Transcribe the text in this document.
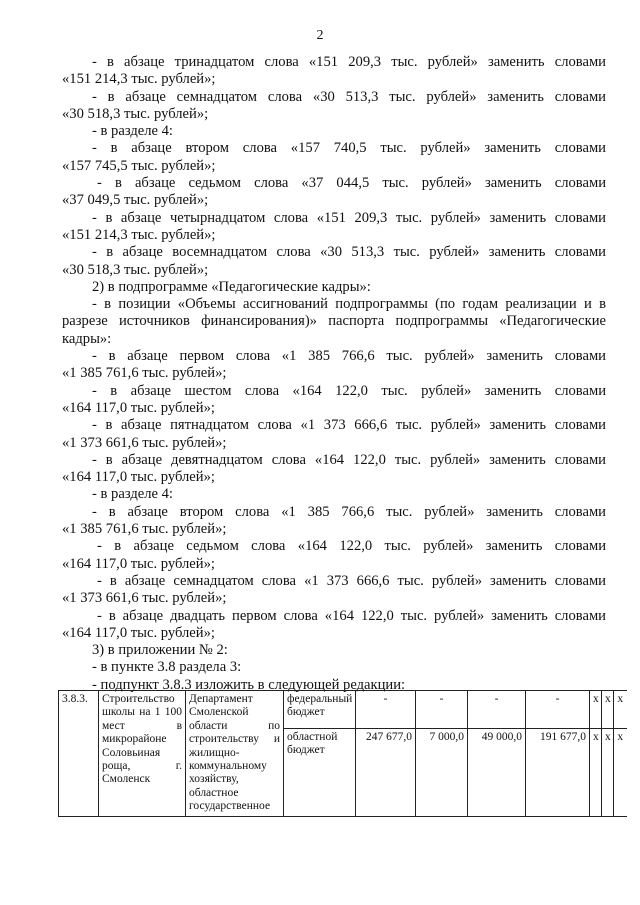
2
- в абзаце тринадцатом слова «151 209,3 тыс. рублей» заменить словами
«151 214,3 тыс. рублей»;
- в абзаце семнадцатом слова «30 513,3 тыс. рублей» заменить словами
«30 518,3 тыс. рублей»;
- в разделе 4:
- в абзаце втором слова «157 740,5 тыс. рублей» заменить словами
«157 745,5 тыс. рублей»;
- в абзаце седьмом слова «37 044,5 тыс. рублей» заменить словами
«37 049,5 тыс. рублей»;
- в абзаце четырнадцатом слова «151 209,3 тыс. рублей» заменить словами
«151 214,3 тыс. рублей»;
- в абзаце восемнадцатом слова «30 513,3 тыс. рублей» заменить словами
«30 518,3 тыс. рублей»;
2) в подпрограмме «Педагогические кадры»:
- в позиции «Объемы ассигнований подпрограммы (по годам реализации и в
разрезе источников финансирования)» паспорта подпрограммы «Педагогические
кадры»:
- в абзаце первом слова «1 385 766,6 тыс. рублей» заменить словами
«1 385 761,6 тыс. рублей»;
- в абзаце шестом слова «164 122,0 тыс. рублей» заменить словами
«164 117,0 тыс. рублей»;
- в абзаце пятнадцатом слова «1 373 666,6 тыс. рублей» заменить словами
«1 373 661,6 тыс. рублей»;
- в абзаце девятнадцатом слова «164 122,0 тыс. рублей» заменить словами
«164 117,0 тыс. рублей»;
- в разделе 4:
- в абзаце втором слова «1 385 766,6 тыс. рублей» заменить словами
«1 385 761,6 тыс. рублей»;
- в абзаце седьмом слова «164 122,0 тыс. рублей» заменить словами
«164 117,0 тыс. рублей»;
- в абзаце семнадцатом слова «1 373 666,6 тыс. рублей» заменить словами
«1 373 661,6 тыс. рублей»;
- в абзаце двадцать первом слова «164 122,0 тыс. рублей» заменить словами
«164 117,0 тыс. рублей»;
3) в приложении № 2:
- в пункте 3.8 раздела 3:
- подпункт 3.8.3 изложить в следующей редакции:
3.8.3.	Строительство школы на 1 100 мест в микрорайоне Соловьиная роща, г. Смоленск	Департамент Смоленской области по строительству и жилищно-коммунальному хозяйству, областное государственное	федеральный бюджет	-	-	-	-	х	х	х
			областной бюджет	247 677,0	7 000,0	49 000,0	191 677,0	х	х	х
